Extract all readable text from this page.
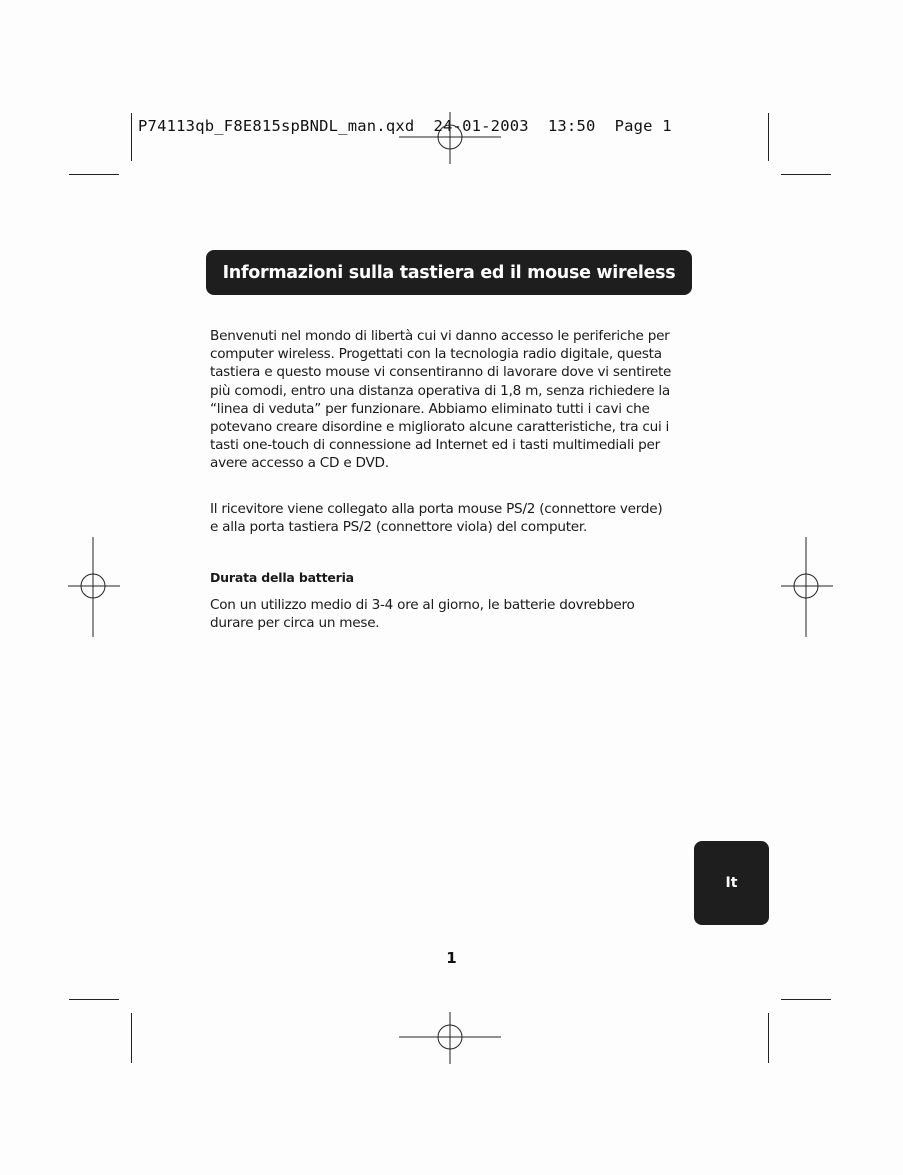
P74113qb_F8E815spBNDL_man.qxd  24-01-2003  13:50  Page 1
Informazioni sulla tastiera ed il mouse wireless
Benvenuti nel mondo di libertà cui vi danno accesso le periferiche per
computer wireless. Progettati con la tecnologia radio digitale, questa
tastiera e questo mouse vi consentiranno di lavorare dove vi sentirete
più comodi, entro una distanza operativa di 1,8 m, senza richiedere la
“linea di veduta” per funzionare. Abbiamo eliminato tutti i cavi che
potevano creare disordine e migliorato alcune caratteristiche, tra cui i
tasti one-touch di connessione ad Internet ed i tasti multimediali per
avere accesso a CD e DVD.
Il ricevitore viene collegato alla porta mouse PS/2 (connettore verde)
e alla porta tastiera PS/2 (connettore viola) del computer.
Durata della batteria
Con un utilizzo medio di 3-4 ore al giorno, le batterie dovrebbero
durare per circa un mese.
It
1
